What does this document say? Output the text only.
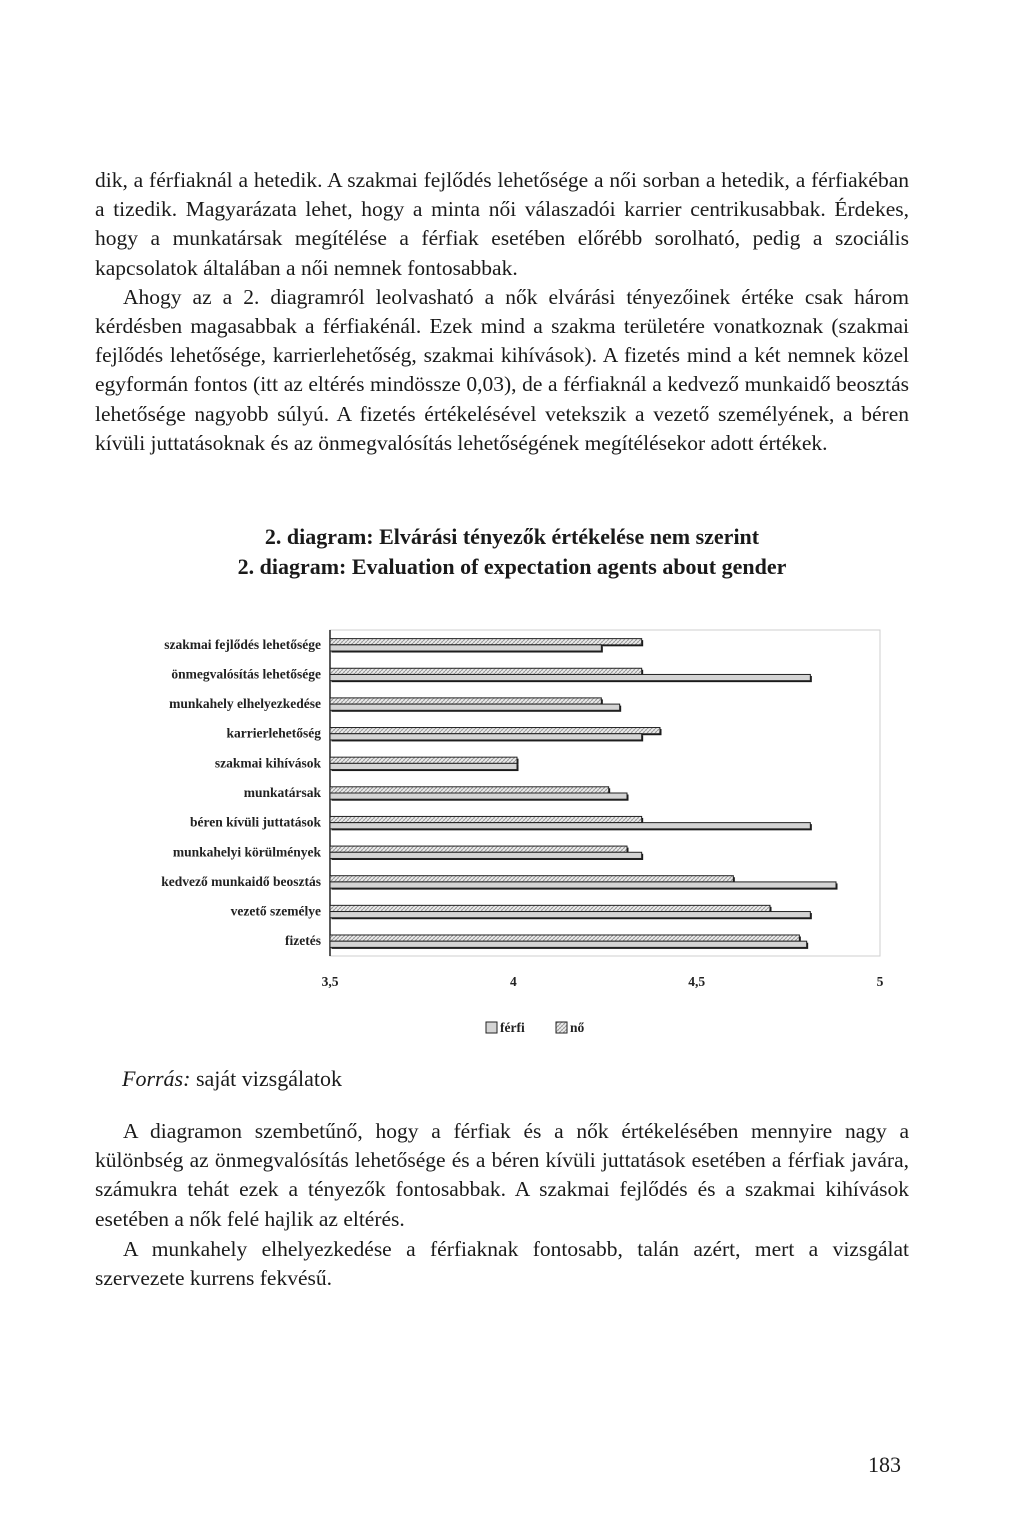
dik, a férfiaknál a hetedik. A szakmai fejlődés lehetősége a női sorban a hetedik, a férfiakéban a tizedik. Magyarázata lehet, hogy a minta női válaszadói karrier centrikusabbak. Érdekes, hogy a munkatársak megítélése a férfiak esetében előrébb sorolható, pedig a szociális kapcsolatok általában a női nemnek fontosabbak.
Ahogy az a 2. diagramról leolvasható a nők elvárási tényezőinek értéke csak három kérdésben magasabbak a férfiakénál. Ezek mind a szakma területére vonatkoznak (szakmai fejlődés lehetősége, karrierlehetőség, szakmai kihívások). A fizetés mind a két nemnek közel egyformán fontos (itt az eltérés mindössze 0,03), de a férfiaknál a kedvező munkaidő beosztás lehetősége nagyobb súlyú. A fizetés értékelésével vetekszik a vezető személyének, a béren kívüli juttatásoknak és az önmegvalósítás lehetőségének megítélésekor adott értékek.

2. diagram: Elvárási tényezők értékelése nem szerint
2. diagram: Evaluation of expectation agents about gender
szakmai fejlődés lehetősége
önmegvalósítás lehetősége
munkahely elhelyezkedése
karrierlehetőség
szakmai kihívások
munkatársak
béren kívüli juttatások
munkahelyi körülmények
kedvező munkaidő beosztás
vezető személye
fizetés
3,5	4	4,5	5
férfi	nő
Forrás: saját vizsgálatok

A diagramon szembetűnő, hogy a férfiak és a nők értékelésében mennyire nagy a különbség az önmegvalósítás lehetősége és a béren kívüli juttatások esetében a férfiak javára, számukra tehát ezek a tényezők fontosabbak. A szakmai fejlődés és a szakmai kihívások esetében a nők felé hajlik az eltérés.

A munkahely elhelyezkedése a férfiaknak fontosabb, talán azért, mert a vizsgálat szervezete kurrens fekvésű.

183
